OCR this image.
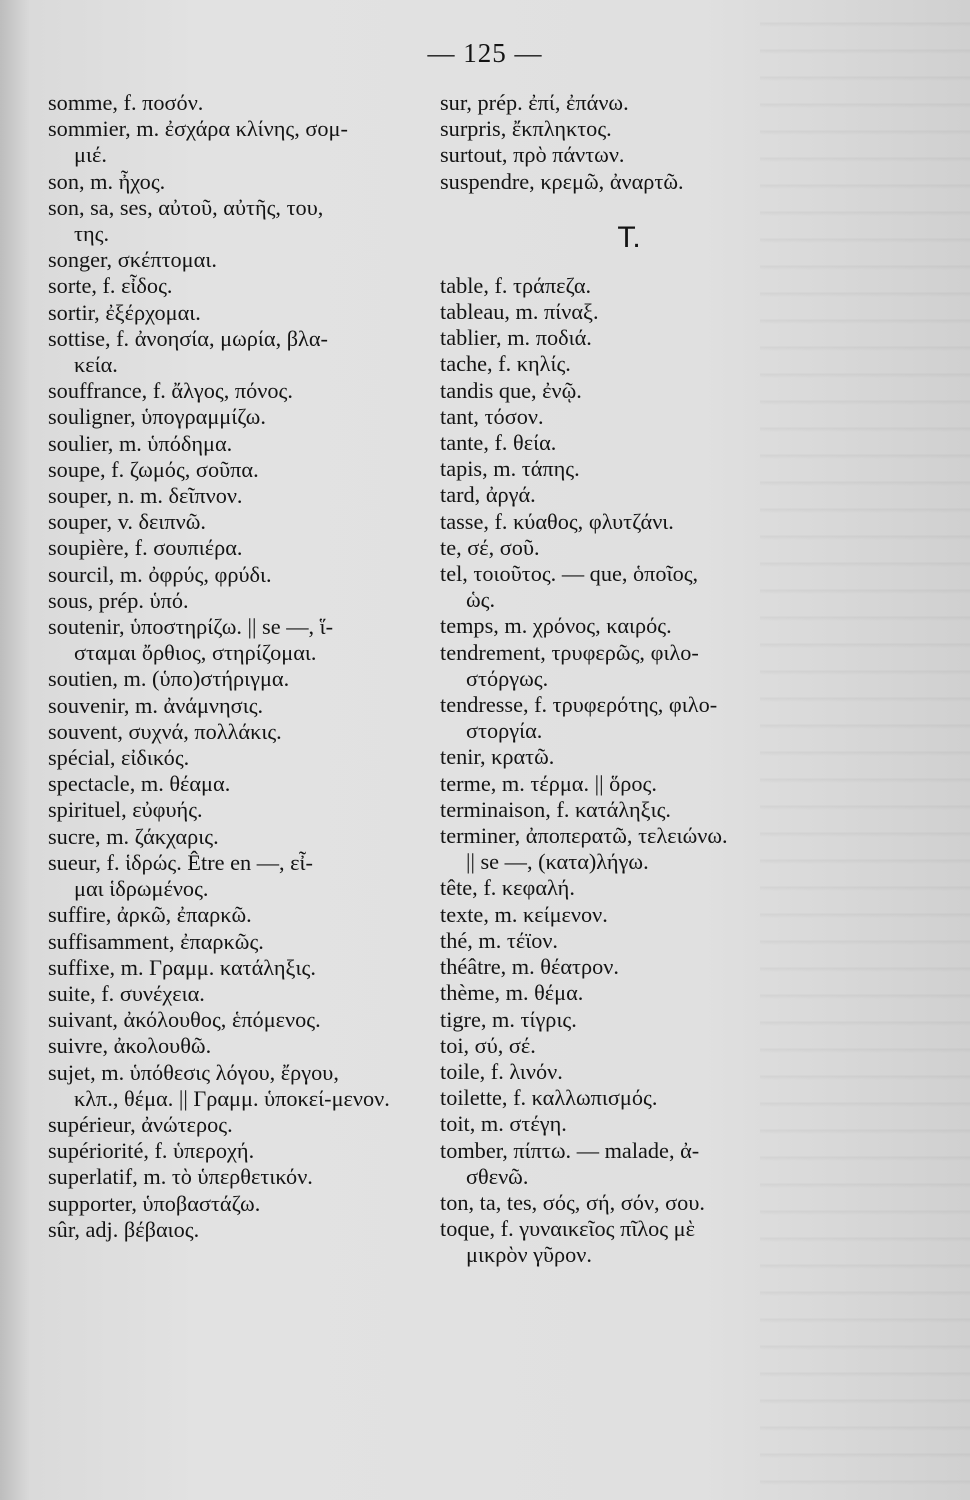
— 125 —

somme, f. ποσόν.

sommier, m. ἐσχάρα κλίνης, σομ-
μιέ.

son, m. ἦχος.

son, sa, ses, αὐτοῦ, αὐτῆς, του,
της.

songer, σκέπτομαι.

sorte, f. εἶδος.

sortir, ἐξέρχομαι.

sottise, f. ἀνοησία, μωρία, βλα-
κεία.

souffrance, f. ἄλγος, πόνος.

souligner, ὑπογραμμίζω.

soulier, m. ὑπόδημα.

soupe, f. ζωμός, σοῦπα.

souper, n. m. δεῖπνον.

souper, v. δειπνῶ.

soupière, f. σουπιέρα.

sourcil, m. ὀφρύς, φρύδι.

sous, prép. ὑπό.

soutenir, ὑποστηρίζω. || se —, ἵ-
σταμαι ὄρθιος, στηρίζομαι.

soutien, m. (ὑπο)στήριγμα.

souvenir, m. ἀνάμνησις.

souvent, συχνά, πολλάκις.

spécial, εἰδικός.

spectacle, m. θέαμα.

spirituel, εὐφυής.

sucre, m. ζάκχαρις.

sueur, f. ἱδρώς. Être en —, εἶ-
μαι ἱδρωμένος.

suffire, ἀρκῶ, ἐπαρκῶ.

suffisamment, ἐπαρκῶς.

suffixe, m. Γραμμ. κατάληξις.

suite, f. συνέχεια.

suivant, ἀκόλουθος, ἑπόμενος.

suivre, ἀκολουθῶ.

sujet, m. ὑπόθεσις λόγου, ἔργου,
κλπ., θέμα. || Γραμμ. ὑποκεί-μενον.

supérieur, ἀνώτερος.

supériorité, f. ὑπεροχή.

superlatif, m. τὸ ὑπερθετικόν.

supporter, ὑποβαστάζω.

sûr, adj. βέβαιος.

sur, prép. ἐπί, ἐπάνω.

surpris, ἔκπληκτος.

surtout, πρὸ πάντων.

suspendre, κρεμῶ, ἀναρτῶ.

T.

table, f. τράπεζα.

tableau, m. πίναξ.

tablier, m. ποδιά.

tache, f. κηλίς.

tandis que, ἐνῷ.

tant, τόσον.

tante, f. θεία.

tapis, m. τάπης.

tard, ἀργά.

tasse, f. κύαθος, φλυτζάνι.

te, σέ, σοῦ.

tel, τοιοῦτος. — que, ὁποῖος,
ὡς.

temps, m. χρόνος, καιρός.

tendrement, τρυφερῶς, φιλο-
στόργως.

tendresse, f. τρυφερότης, φιλο-
στοργία.

tenir, κρατῶ.

terme, m. τέρμα. || ὅρος.

terminaison, f. κατάληξις.

terminer, ἀποπερατῶ, τελειώνω.
|| se —, (κατα)λήγω.

tête, f. κεφαλή.

texte, m. κείμενον.

thé, m. τέϊον.

théâtre, m. θέατρον.

thème, m. θέμα.

tigre, m. τίγρις.

toi, σύ, σέ.

toile, f. λινόν.

toilette, f. καλλωπισμός.

toit, m. στέγη.

tomber, πίπτω. — malade, ἀ-
σθενῶ.

ton, ta, tes, σός, σή, σόν, σου.

toque, f. γυναικεῖος πῖλος μὲ
μικρὸν γῦρον.
